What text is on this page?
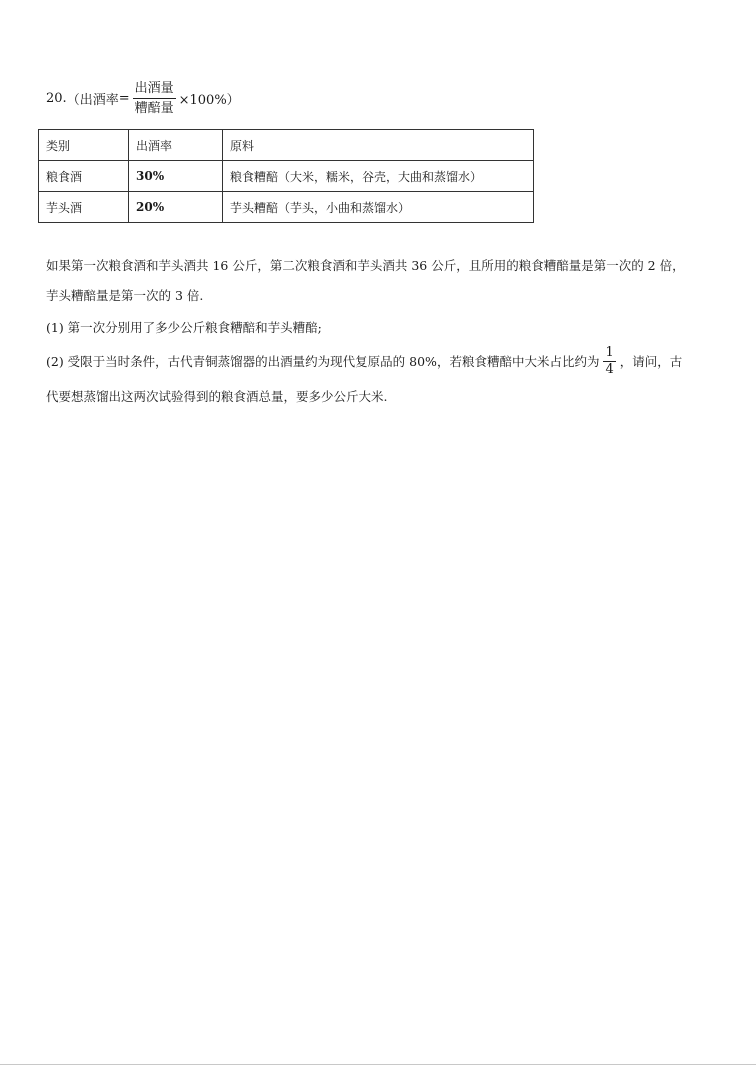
20. （出酒率 = $\frac{\text{出酒量}}{\text{糟醅量}} \times 100\%$）
类别	出酒率	原料
粮食酒	30%	粮食糟醅（大米，糯米，谷壳，大曲和蒸馏水）
芋头酒	20%	芋头糟醅（芋头，小曲和蒸馏水）
如果第一次粮食酒和芋头酒共 16 公斤，第二次粮食酒和芋头酒共 36 公斤，且所用的粮食糟醅量是第一次的 2 倍，
芋头糟醅量是第一次的 3 倍.
(1) 第一次分别用了多少公斤粮食糟醅和芋头糟醅;
(2) 受限于当时条件，古代青铜蒸馏器的出酒量约为现代复原品的 80%，若粮食糟醅中大米占比约为 $\frac{1}{4}$ ，请问，古
代要想蒸馏出这两次试验得到的粮食酒总量，要多少公斤大米.
